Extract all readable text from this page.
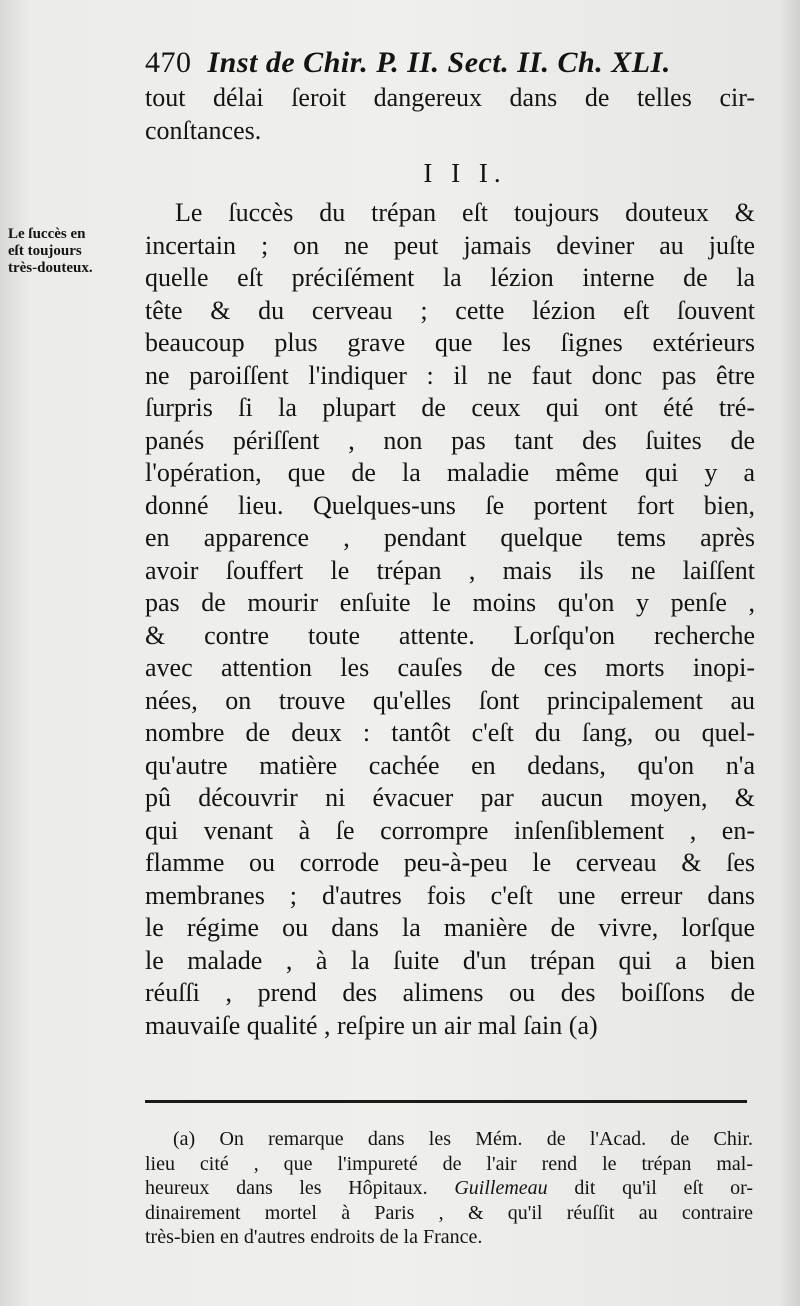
470 Inst de Chir. P. II. Sect. II. Ch. XLI.
Le ſuccès en
eſt toujours
très-douteux.
tout délai ſeroit dangereux dans de telles cir-
conſtances.
I I I.
Le ſuccès du trépan eſt toujours douteux &
incertain ; on ne peut jamais deviner au juſte
quelle eſt préciſément la lézion interne de la
tête & du cerveau ; cette lézion eſt ſouvent
beaucoup plus grave que les ſignes extérieurs
ne paroiſſent l'indiquer : il ne faut donc pas être
ſurpris ſi la plupart de ceux qui ont été tré-
panés périſſent , non pas tant des ſuites de
l'opération, que de la maladie même qui y a
donné lieu. Quelques-uns ſe portent fort bien,
en apparence , pendant quelque tems après
avoir ſouffert le trépan , mais ils ne laiſſent
pas de mourir enſuite le moins qu'on y penſe ,
& contre toute attente. Lorſqu'on recherche
avec attention les cauſes de ces morts inopi-
nées, on trouve qu'elles ſont principalement au
nombre de deux : tantôt c'eſt du ſang, ou quel-
qu'autre matière cachée en dedans, qu'on n'a
pû découvrir ni évacuer par aucun moyen, &
qui venant à ſe corrompre inſenſiblement , en-
flamme ou corrode peu-à-peu le cerveau & ſes
membranes ; d'autres fois c'eſt une erreur dans
le régime ou dans la manière de vivre, lorſque
le malade , à la ſuite d'un trépan qui a bien
réuſſi , prend des alimens ou des boiſſons de
mauvaiſe qualité , reſpire un air mal ſain (a)
(a) On remarque dans les Mém. de l'Acad. de Chir.
lieu cité , que l'impureté de l'air rend le trépan mal-
heureux dans les Hôpitaux. Guillemeau dit qu'il eſt or-
dinairement mortel à Paris , & qu'il réuſſit au contraire
très-bien en d'autres endroits de la France.
